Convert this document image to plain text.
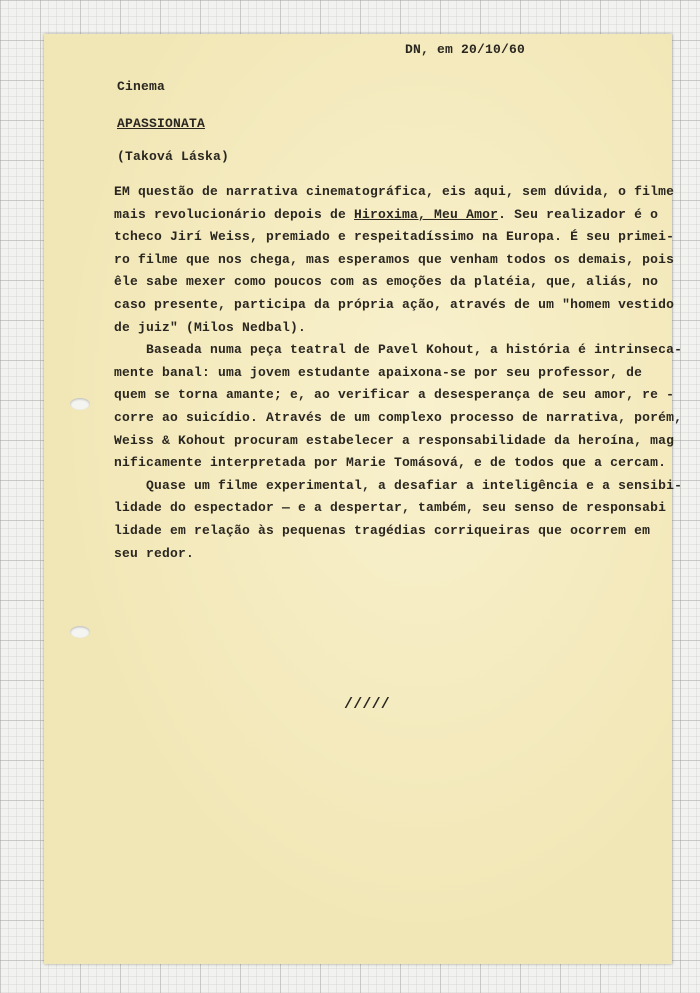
DN, em 20/10/60
Cinema
APASSIONATA
(Taková Láska)
EM questão de narrativa cinematográfica, eis aqui, sem dúvida, o filme
mais revolucionário depois de Hiroxima, Meu Amor. Seu realizador é o
tcheco Jirí Weiss, premiado e respeitadíssimo na Europa. É seu primei-
ro filme que nos chega, mas esperamos que venham todos os demais, pois
êle sabe mexer como poucos com as emoções da platéia, que, aliás, no
caso presente, participa da própria ação, através de um "homem vestido
de juiz" (Milos Nedbal).
Baseada numa peça teatral de Pavel Kohout, a história é intrinseca-
mente banal: uma jovem estudante apaixona-se por seu professor, de
quem se torna amante; e, ao verificar a desesperança de seu amor, re -
corre ao suicídio. Através de um complexo processo de narrativa, porém,
Weiss & Kohout procuram estabelecer a responsabilidade da heroína, mag
nificamente interpretada por Marie Tomásová, e de todos que a cercam.
Quase um filme experimental, a desafiar a inteligência e a sensibi-
lidade do espectador — e a despertar, também, seu senso de responsabi
lidade em relação às pequenas tragédias corriqueiras que ocorrem em
seu redor.
/////
